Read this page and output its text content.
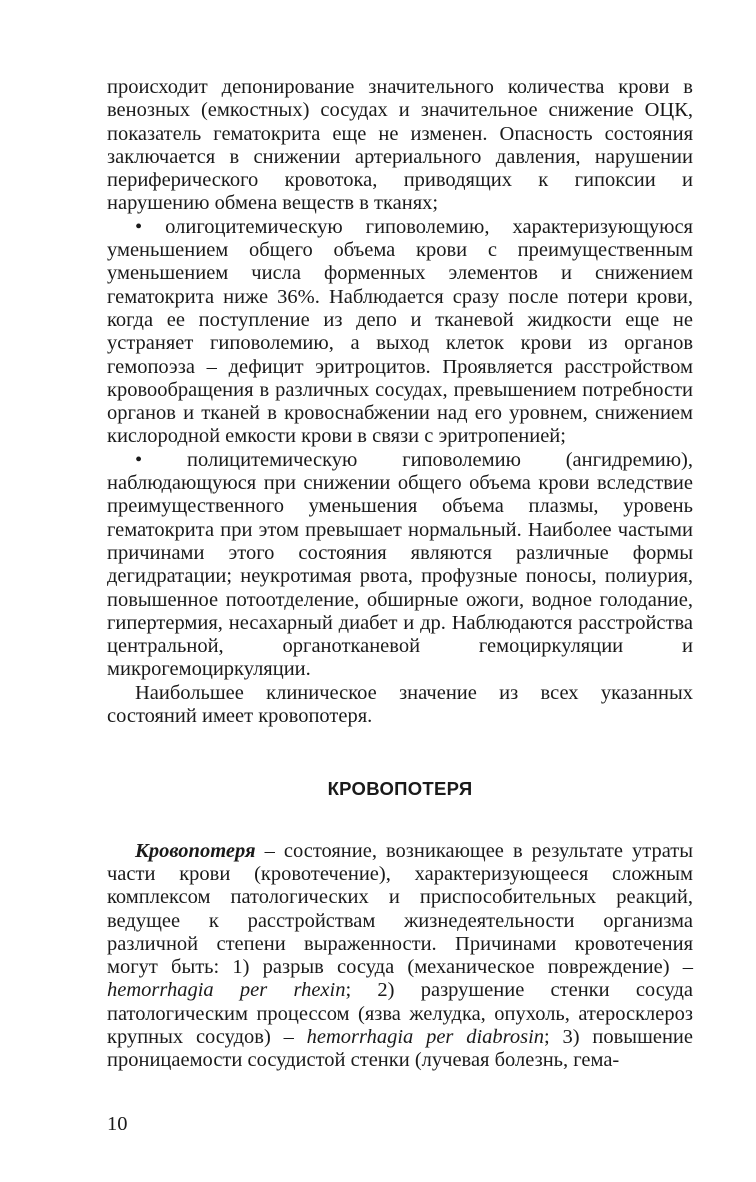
происходит депонирование значительного количества крови в венозных (емкостных) сосудах и значительное снижение ОЦК, показатель гематокрита еще не изменен. Опасность состояния заключается в снижении артериального давления, нарушении периферического кровотока, приводящих к гипоксии и нарушению обмена веществ в тканях;

• олигоцитемическую гиповолемию, характеризующуюся уменьшением общего объема крови с преимущественным уменьшением числа форменных элементов и снижением гематокрита ниже 36%. Наблюдается сразу после потери крови, когда ее поступление из депо и тканевой жидкости еще не устраняет гиповолемию, а выход клеток крови из органов гемопоэза – дефицит эритроцитов. Проявляется расстройством кровообращения в различных сосудах, превышением потребности органов и тканей в кровоснабжении над его уровнем, снижением кислородной емкости крови в связи с эритропенией;

• полицитемическую гиповолемию (ангидремию), наблюдающуюся при снижении общего объема крови вследствие преимущественного уменьшения объема плазмы, уровень гематокрита при этом превышает нормальный. Наиболее частыми причинами этого состояния являются различные формы дегидратации; неукротимая рвота, профузные поносы, полиурия, повышенное потоотделение, обширные ожоги, водное голодание, гипертермия, несахарный диабет и др. Наблюдаются расстройства центральной, органотканевой гемоциркуляции и микрогемоциркуляции.

Наибольшее клиническое значение из всех указанных состояний имеет кровопотеря.

КРОВОПОТЕРЯ

Кровопотеря – состояние, возникающее в результате утраты части крови (кровотечение), характеризующееся сложным комплексом патологических и приспособительных реакций, ведущее к расстройствам жизнедеятельности организма различной степени выраженности. Причинами кровотечения могут быть: 1) разрыв сосуда (механическое повреждение) – hemorrhagia per rhexin; 2) разрушение стенки сосуда патологическим процессом (язва желудка, опухоль, атеросклероз крупных сосудов) – hemorrhagia per diabrosin; 3) повышение проницаемости сосудистой стенки (лучевая болезнь, гема-

10
